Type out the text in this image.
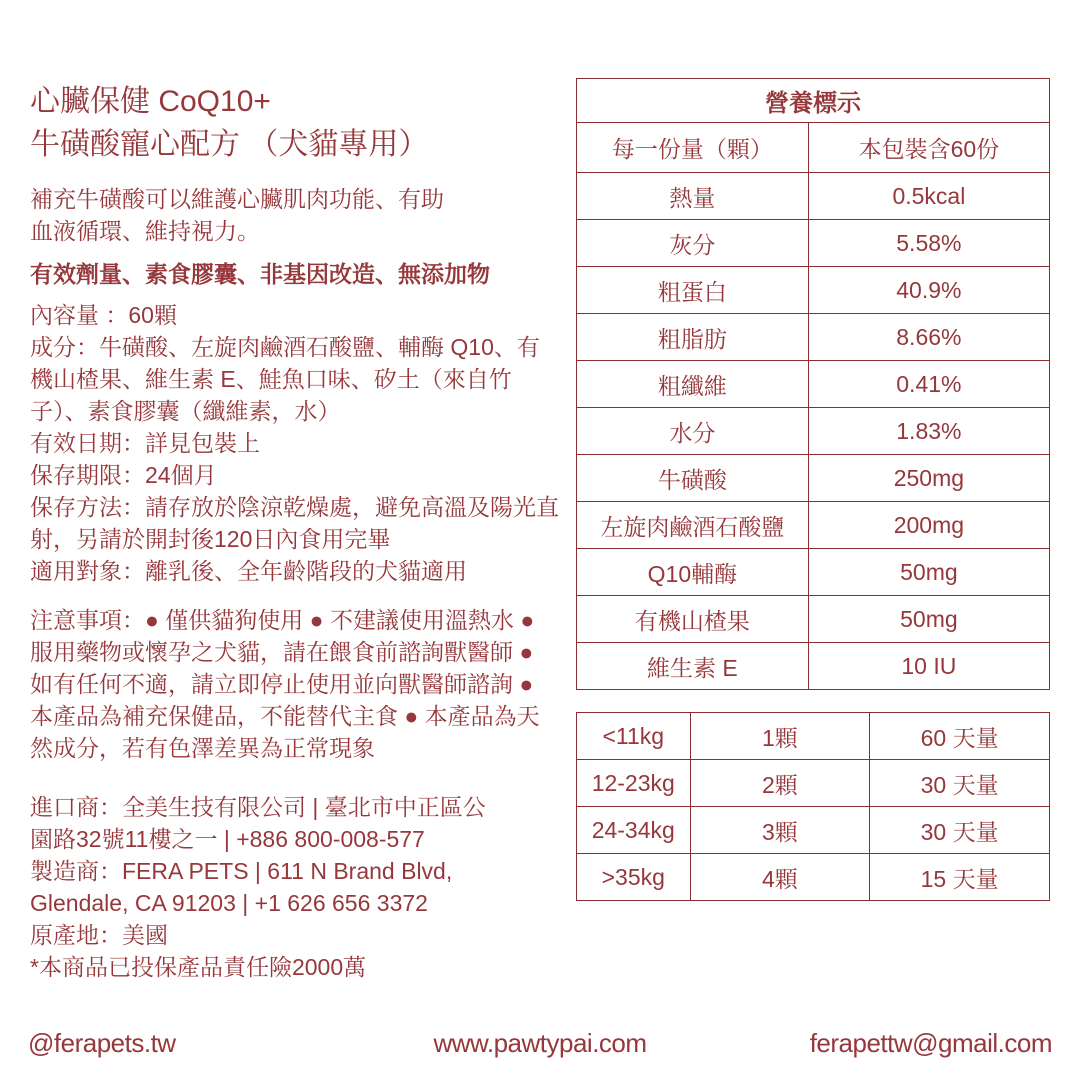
心臟保健 CoQ10+
牛磺酸寵心配方 （犬貓專用）
補充牛磺酸可以維護心臟肌肉功能、有助
血液循環、維持視力。
有效劑量、素食膠囊、非基因改造、無添加物
內容量 ：60顆
成分：牛磺酸、左旋肉鹼酒石酸鹽、輔酶 Q10、有機山楂果、維生素 E、鮭魚口味、矽土（來自竹子）、素食膠囊（纖維素，水）
有效日期：詳見包裝上
保存期限：24個月
保存方法：請存放於陰涼乾燥處，避免高溫及陽光直射，另請於開封後120日內食用完畢
適用對象：離乳後、全年齡階段的犬貓適用
注意事項：● 僅供貓狗使用 ● 不建議使用溫熱水 ● 服用藥物或懷孕之犬貓，請在餵食前諮詢獸醫師 ● 如有任何不適，請立即停止使用並向獸醫師諮詢 ● 本產品為補充保健品，不能替代主食 ● 本產品為天然成分，若有色澤差異為正常現象
進口商：全美生技有限公司 | 臺北市中正區公
園路32號11樓之一 | +886 800-008-577
製造商：FERA PETS | 611 N Brand Blvd,
Glendale, CA 91203 | +1 626 656 3372
原產地：美國
*本商品已投保產品責任險2000萬
營養標示	
每一份量（顆）	本包裝含60份
熱量	0.5kcal
灰分	5.58%
粗蛋白	40.9%
粗脂肪	8.66%
粗纖維	0.41%
水分	1.83%
牛磺酸	250mg
左旋肉鹼酒石酸鹽	200mg
Q10輔酶	50mg
有機山楂果	50mg
維生素 E	10 IU
<11kg	1顆	60 天量
12-23kg	2顆	30 天量
24-34kg	3顆	30 天量
>35kg	4顆	15 天量
@ferapets.tw	www.pawtypai.com	ferapettw@gmail.com
